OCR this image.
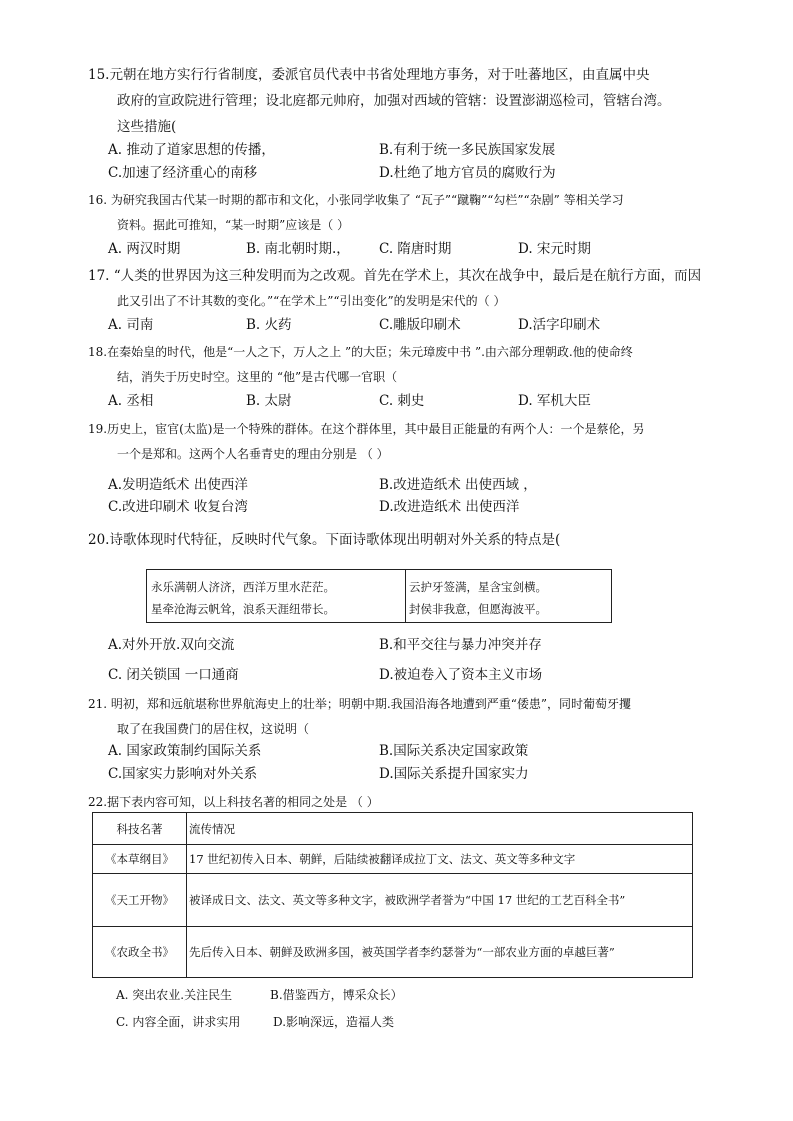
15.元朝在地方实行行省制度，委派官员代表中书省处理地方事务，对于吐蕃地区，由直属中央
政府的宣政院进行管理；设北庭都元帅府，加强对西域的管辖：设置澎湖巡检司，管辖台湾。
这些措施(
A. 推动了道家思想的传播，	B.有利于统一多民族国家发展
C.加速了经济重心的南移	D.杜绝了地方官员的腐败行为
16. 为研究我国古代某一时期的都市和文化，小张同学收集了 “瓦子”“蹴鞠”“勾栏”“杂剧” 等相关学习
资料。据此可推知，“某一时期”应该是（ ）
A. 两汉时期	B. 南北朝时期.， C. 隋唐时期	D. 宋元时期
17. “人类的世界因为这三种发明而为之改观。首先在学术上，其次在战争中，最后是在航行方面，而因
此又引出了不计其数的变化。”“在学术上”“引出变化”的发明是宋代的（ ）
A. 司南	B. 火药	C.雕版印刷术	D.活字印刷术
18.在秦始皇的时代，他是“一人之下，万人之上 ”的大臣；朱元璋废中书 ”.由六部分理朝政.他的使命终
结，消失于历史时空。这里的 “他”是古代哪一官职（
A. 丞相	B. 太尉	C. 刺史	D. 军机大臣
19.历史上，宦官(太监)是一个特殊的群体。在这个群体里，其中最目正能量的有两个人：一个是蔡伦，另
一个是郑和。这两个人名垂青史的理由分别是 （ ）
A.发明造纸术 出使西洋	B.改进造纸术 出使西域 ，
C.改进印刷术 收复台湾	D.改进造纸术 出使西洋
20.诗歌体现时代特征，反映时代气象。下面诗歌体现出明朝对外关系的特点是(
永乐满朝人济济，西洋万里水茫茫。
星牵沧海云帆耸，浪系天涯纽带长。
云护牙签满，星含宝剑横。
封侯非我意，但愿海波平。
A.对外开放.双向交流	B.和平交往与暴力冲突并存
C. 闭关锁国 一口通商	D.被迫卷入了资本主义市场
21. 明初，郑和远航堪称世界航海史上的壮举；明朝中期.我国沿海各地遭到严重“倭患”，同时葡萄牙攫
取了在我国费门的居住权，这说明（
A. 国家政策制约国际关系	B.国际关系决定国家政策
C.国家实力影响对外关系	D.国际关系提升国家实力
22.据下表内容可知，以上科技名著的相同之处是 （ ）
科技名著	流传情况
《本草纲目》	17 世纪初传入日本、朝鲜，后陆续被翻译成拉丁文、法文、英文等多种文字
《天工开物》	被译成日文、法文、英文等多种文字，被欧洲学者誉为“中国 17 世纪的工艺百科全书”
《农政全书》	先后传入日本、朝鲜及欧洲多国，被英国学者李约瑟誉为“一部农业方面的卓越巨著”
A. 突出农业.关注民生	B.借鉴西方，博采众长）
C. 内容全面，讲求实用	D.影响深远，造福人类
